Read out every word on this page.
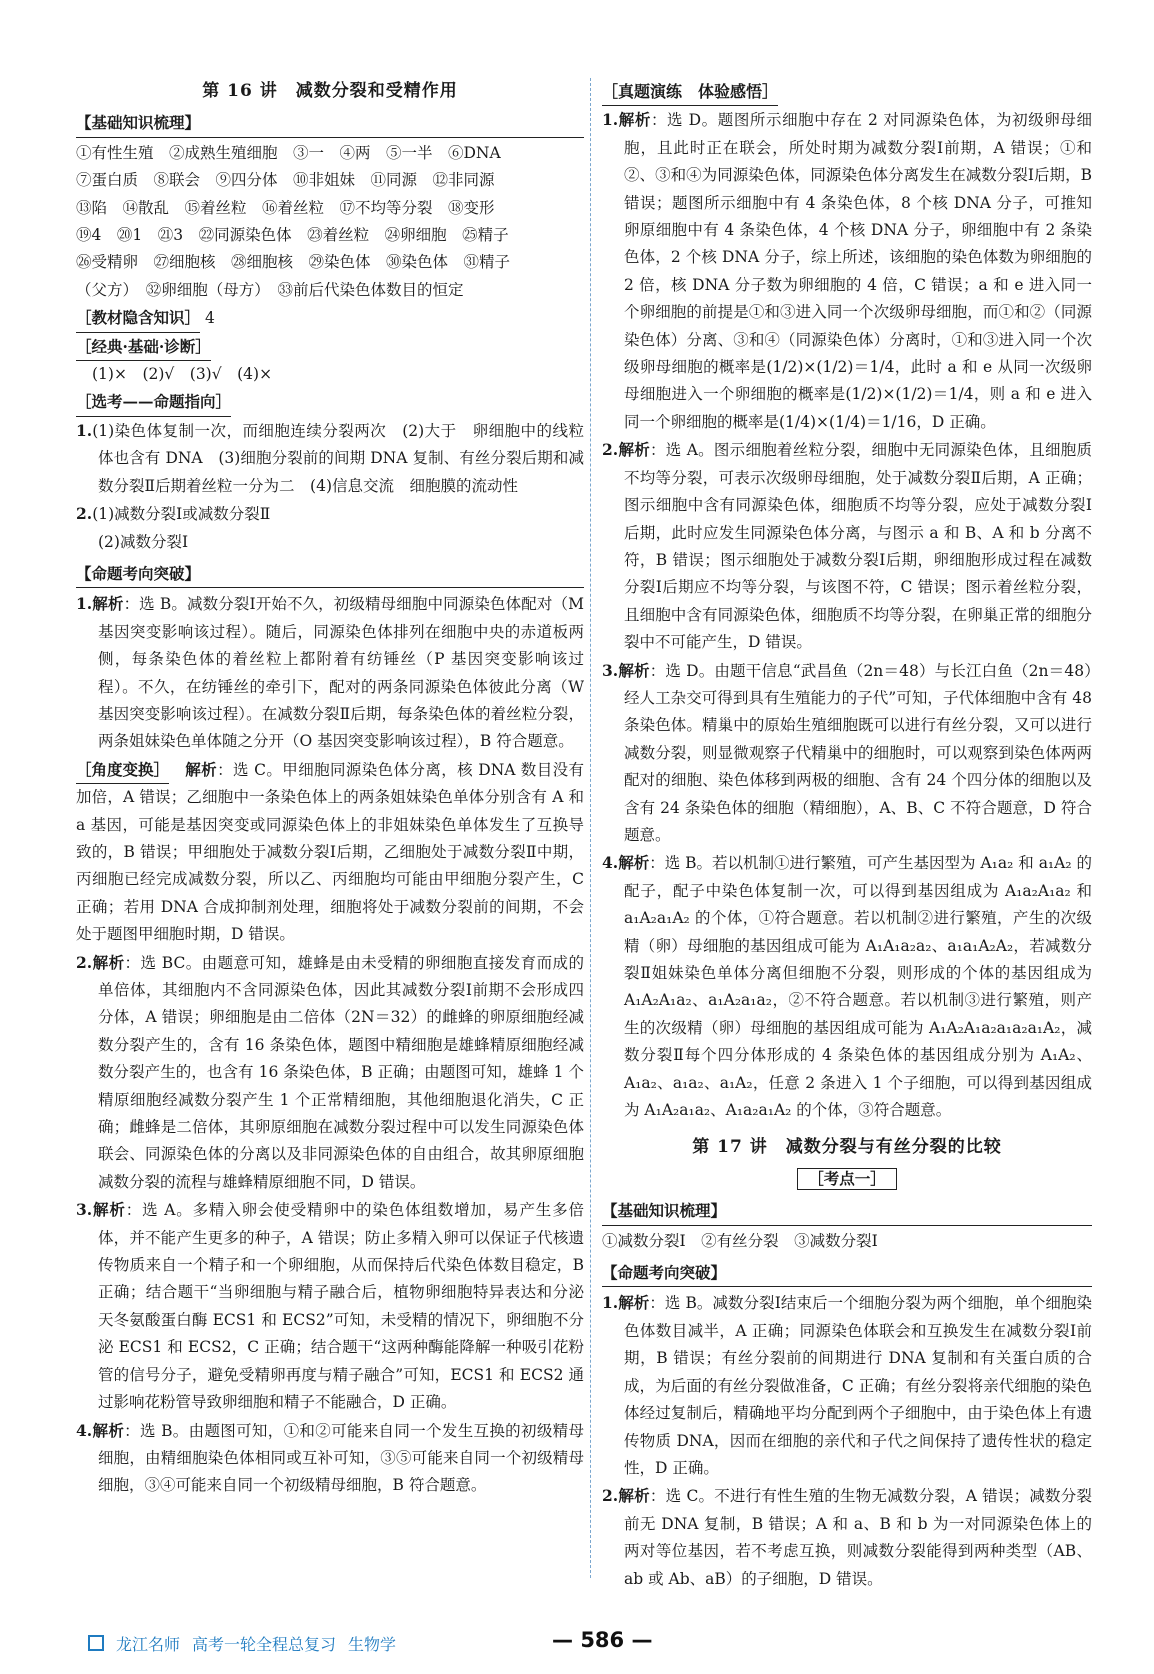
第 16 讲　减数分裂和受精作用
【基础知识梳理】
①有性生殖　②成熟生殖细胞　③一　④两　⑤一半　⑥DNA
⑦蛋白质　⑧联会　⑨四分体　⑩非姐妹　⑪同源　⑫非同源
⑬陷　⑭散乱　⑮着丝粒　⑯着丝粒　⑰不均等分裂　⑱变形
⑲4　⑳1　㉑3　㉒同源染色体　㉓着丝粒　㉔卵细胞　㉕精子
㉖受精卵　㉗细胞核　㉘细胞核　㉙染色体　㉚染色体　㉛精子
（父方）　㉜卵细胞（母方）　㉝前后代染色体数目的恒定
［教材隐含知识］ 4
［经典·基础·诊断］
(1)×　(2)√　(3)√　(4)×
［选考——命题指向］
1.(1)染色体复制一次，而细胞连续分裂两次　(2)大于　卵细胞中的线粒体也含有 DNA　(3)细胞分裂前的间期 DNA 复制、有丝分裂后期和减数分裂Ⅱ后期着丝粒一分为二　(4)信息交流　细胞膜的流动性
2.(1)减数分裂Ⅰ或减数分裂Ⅱ
(2)减数分裂Ⅰ
【命题考向突破】
1.解析：选 B。减数分裂Ⅰ开始不久，初级精母细胞中同源染色体配对（M 基因突变影响该过程）。随后，同源染色体排列在细胞中央的赤道板两侧，每条染色体的着丝粒上都附着有纺锤丝（P 基因突变影响该过程）。不久，在纺锤丝的牵引下，配对的两条同源染色体彼此分离（W 基因突变影响该过程）。在减数分裂Ⅱ后期，每条染色体的着丝粒分裂，两条姐妹染色单体随之分开（O 基因突变影响该过程），B 符合题意。
［角度变换］　 解析：选 C。甲细胞同源染色体分离，核 DNA 数目没有加倍，A 错误；乙细胞中一条染色体上的两条姐妹染色单体分别含有 A 和 a 基因，可能是基因突变或同源染色体上的非姐妹染色单体发生了互换导致的，B 错误；甲细胞处于减数分裂Ⅰ后期，乙细胞处于减数分裂Ⅱ中期，丙细胞已经完成减数分裂，所以乙、丙细胞均可能由甲细胞分裂产生，C 正确；若用 DNA 合成抑制剂处理，细胞将处于减数分裂前的间期，不会处于题图甲细胞时期，D 错误。
2.解析：选 BC。由题意可知，雄蜂是由未受精的卵细胞直接发育而成的单倍体，其细胞内不含同源染色体，因此其减数分裂Ⅰ前期不会形成四分体，A 错误；卵细胞是由二倍体（2N＝32）的雌蜂的卵原细胞经减数分裂产生的，含有 16 条染色体，题图中精细胞是雄蜂精原细胞经减数分裂产生的，也含有 16 条染色体，B 正确；由题图可知，雄蜂 1 个精原细胞经减数分裂产生 1 个正常精细胞，其他细胞退化消失，C 正确；雌蜂是二倍体，其卵原细胞在减数分裂过程中可以发生同源染色体联会、同源染色体的分离以及非同源染色体的自由组合，故其卵原细胞减数分裂的流程与雄蜂精原细胞不同，D 错误。
3.解析：选 A。多精入卵会使受精卵中的染色体组数增加，易产生多倍体，并不能产生更多的种子，A 错误；防止多精入卵可以保证子代核遗传物质来自一个精子和一个卵细胞，从而保持后代染色体数目稳定，B 正确；结合题干“当卵细胞与精子融合后，植物卵细胞特异表达和分泌天冬氨酸蛋白酶 ECS1 和 ECS2”可知，未受精的情况下，卵细胞不分泌 ECS1 和 ECS2，C 正确；结合题干“这两种酶能降解一种吸引花粉管的信号分子，避免受精卵再度与精子融合”可知，ECS1 和 ECS2 通过影响花粉管导致卵细胞和精子不能融合，D 正确。
4.解析：选 B。由题图可知，①和②可能来自同一个发生互换的初级精母细胞，由精细胞染色体相同或互补可知，③⑤可能来自同一个初级精母细胞，③④可能来自同一个初级精母细胞，B 符合题意。
［真题演练　体验感悟］
1.解析：选 D。题图所示细胞中存在 2 对同源染色体，为初级卵母细胞，且此时正在联会，所处时期为减数分裂Ⅰ前期，A 错误；①和②、③和④为同源染色体，同源染色体分离发生在减数分裂Ⅰ后期，B 错误；题图所示细胞中有 4 条染色体，8 个核 DNA 分子，可推知卵原细胞中有 4 条染色体，4 个核 DNA 分子，卵细胞中有 2 条染色体，2 个核 DNA 分子，综上所述，该细胞的染色体数为卵细胞的 2 倍，核 DNA 分子数为卵细胞的 4 倍，C 错误；a 和 e 进入同一个卵细胞的前提是①和③进入同一个次级卵母细胞，而①和②（同源染色体）分离、③和④（同源染色体）分离时，①和③进入同一个次级卵母细胞的概率是(1/2)×(1/2)＝1/4，此时 a 和 e 从同一次级卵母细胞进入一个卵细胞的概率是(1/2)×(1/2)＝1/4，则 a 和 e 进入同一个卵细胞的概率是(1/4)×(1/4)＝1/16，D 正确。
2.解析：选 A。图示细胞着丝粒分裂，细胞中无同源染色体，且细胞质不均等分裂，可表示次级卵母细胞，处于减数分裂Ⅱ后期，A 正确；图示细胞中含有同源染色体，细胞质不均等分裂，应处于减数分裂Ⅰ后期，此时应发生同源染色体分离，与图示 a 和 B、A 和 b 分离不符，B 错误；图示细胞处于减数分裂Ⅰ后期，卵细胞形成过程在减数分裂Ⅰ后期应不均等分裂，与该图不符，C 错误；图示着丝粒分裂，且细胞中含有同源染色体，细胞质不均等分裂，在卵巢正常的细胞分裂中不可能产生，D 错误。
3.解析：选 D。由题干信息“武昌鱼（2n＝48）与长江白鱼（2n＝48）经人工杂交可得到具有生殖能力的子代”可知，子代体细胞中含有 48 条染色体。精巢中的原始生殖细胞既可以进行有丝分裂，又可以进行减数分裂，则显微观察子代精巢中的细胞时，可以观察到染色体两两配对的细胞、染色体移到两极的细胞、含有 24 个四分体的细胞以及含有 24 条染色体的细胞（精细胞），A、B、C 不符合题意，D 符合题意。
4.解析：选 B。若以机制①进行繁殖，可产生基因型为 A₁a₂ 和 a₁A₂ 的配子，配子中染色体复制一次，可以得到基因组成为 A₁a₂A₁a₂ 和 a₁A₂a₁A₂ 的个体，①符合题意。若以机制②进行繁殖，产生的次级精（卵）母细胞的基因组成可能为 A₁A₁a₂a₂、a₁a₁A₂A₂，若减数分裂Ⅱ姐妹染色单体分离但细胞不分裂，则形成的个体的基因组成为 A₁A₂A₁a₂、a₁A₂a₁a₂，②不符合题意。若以机制③进行繁殖，则产生的次级精（卵）母细胞的基因组成可能为 A₁A₂A₁a₂a₁a₂a₁A₂，减数分裂Ⅱ每个四分体形成的 4 条染色体的基因组成分别为 A₁A₂、A₁a₂、a₁a₂、a₁A₂，任意 2 条进入 1 个子细胞，可以得到基因组成为 A₁A₂a₁a₂、A₁a₂a₁A₂ 的个体，③符合题意。
第 17 讲　减数分裂与有丝分裂的比较
［考点一］
【基础知识梳理】
①减数分裂Ⅰ　②有丝分裂　③减数分裂Ⅰ
【命题考向突破】
1.解析：选 B。减数分裂Ⅰ结束后一个细胞分裂为两个细胞，单个细胞染色体数目减半，A 正确；同源染色体联会和互换发生在减数分裂Ⅰ前期，B 错误；有丝分裂前的间期进行 DNA 复制和有关蛋白质的合成，为后面的有丝分裂做准备，C 正确；有丝分裂将亲代细胞的染色体经过复制后，精确地平均分配到两个子细胞中，由于染色体上有遗传物质 DNA，因而在细胞的亲代和子代之间保持了遗传性状的稳定性，D 正确。
2.解析：选 C。不进行有性生殖的生物无减数分裂，A 错误；减数分裂前无 DNA 复制，B 错误；A 和 a、B 和 b 为一对同源染色体上的两对等位基因，若不考虑互换，则减数分裂能得到两种类型（AB、ab 或 Ab、aB）的子细胞，D 错误。
龙江名师 高考一轮全程总复习 生物学	— 586 —
